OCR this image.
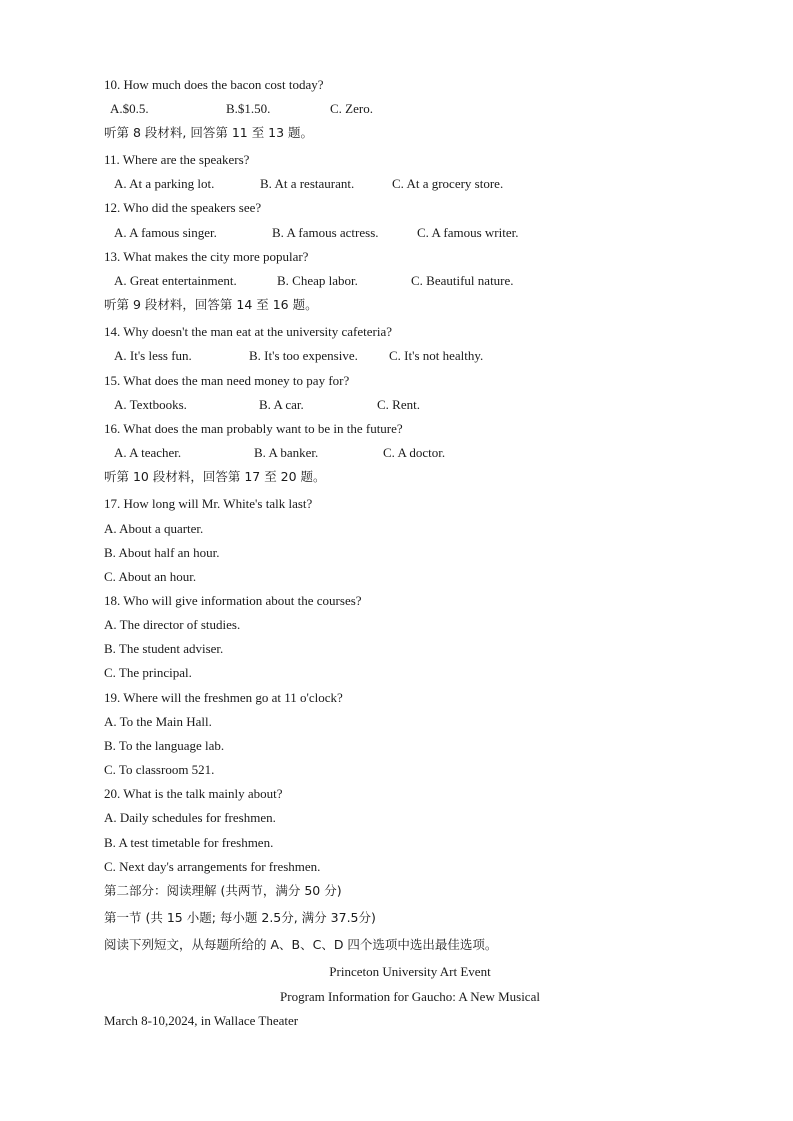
10. How much does the bacon cost today?
A.$0.5.	B.$1.50.	C. Zero.
听第 8 段材料, 回答第 11 至 13 题。
11. Where are the speakers?
A. At a parking lot.	B. At a restaurant.	C. At a grocery store.
12. Who did the speakers see?
A. A famous singer.	B. A famous actress.	C. A famous writer.
13. What makes the city more popular?
A. Great entertainment.	B. Cheap labor.	C. Beautiful nature.
听第 9 段材料，回答第 14 至 16 题。
14. Why doesn't the man eat at the university cafeteria?
A. It's less fun.	B. It's too expensive. C. It's not healthy.
15. What does the man need money to pay for?
A. Textbooks.	B. A car.	C. Rent.
16. What does the man probably want to be in the future?
A. A teacher.	B. A banker.	C. A doctor.
听第 10 段材料，回答第 17 至 20 题。
17. How long will Mr. White's talk last?
A. About a quarter.
B. About half an hour.
C. About an hour.
18. Who will give information about the courses?
A. The director of studies.
B. The student adviser.
C. The principal.
19. Where will the freshmen go at 11 o'clock?
A. To the Main Hall.
B. To the language lab.
C. To classroom 521.
20. What is the talk mainly about?
A. Daily schedules for freshmen.
B. A test timetable for freshmen.
C. Next day's arrangements for freshmen.
第二部分：阅读理解 (共两节，满分 50 分)
第一节 (共 15 小题; 每小题 2.5分, 满分 37.5分)
阅读下列短文，从每题所给的 A、B、C、D 四个选项中选出最佳选项。
Princeton University Art Event
Program Information for Gaucho: A New Musical
March 8-10,2024, in Wallace Theater
